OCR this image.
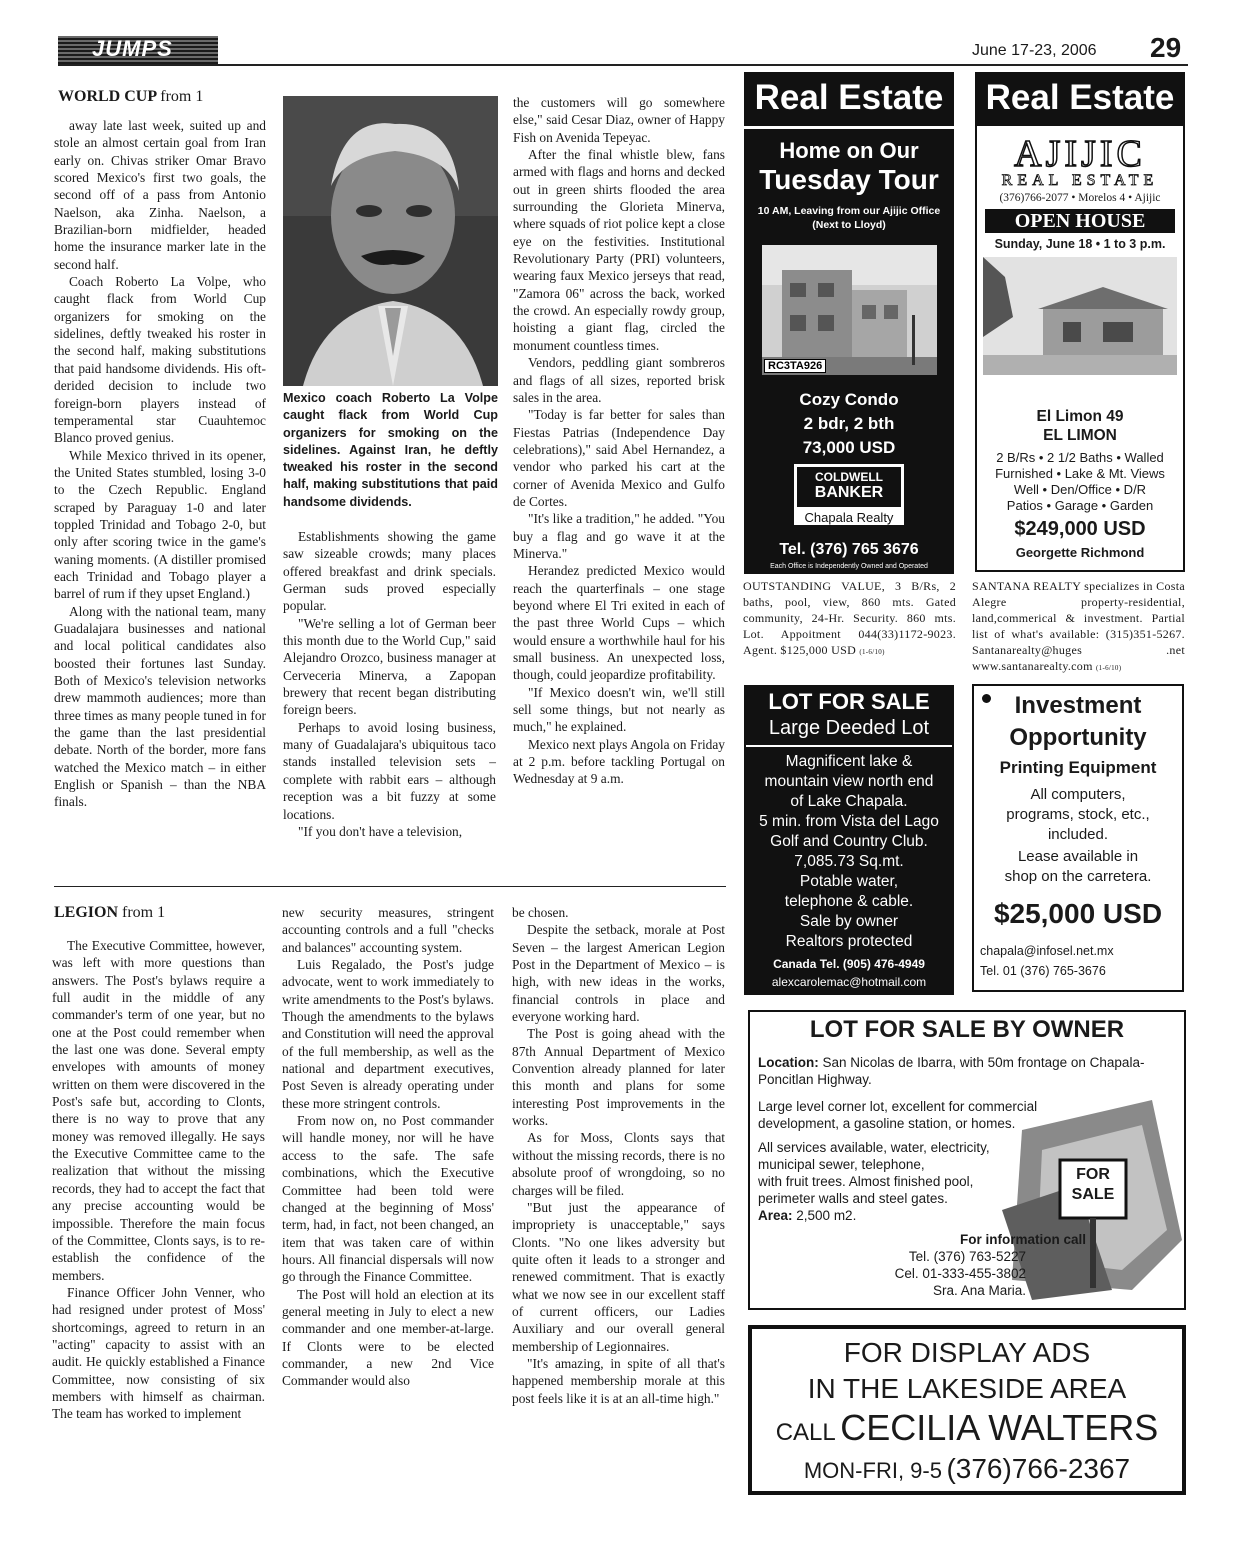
JUMPS	June 17-23, 2006 29
WORLD CUP from 1

away late last week, suited up and stole an almost certain goal from Iran early on. Chivas striker Omar Bravo scored Mexico's first two goals, the second off of a pass from Antonio Naelson, aka Zinha. Naelson, a Brazilian-born midfielder, headed home the insurance marker late in the second half.

Coach Roberto La Volpe, who caught flack from World Cup organizers for smoking on the sidelines, deftly tweaked his roster in the second half, making substitutions that paid handsome dividends. His oft-derided decision to include two foreign-born players instead of temperamental star Cuauhtemoc Blanco proved genius.

While Mexico thrived in its opener, the United States stumbled, losing 3-0 to the Czech Republic. England scraped by Paraguay 1-0 and later toppled Trinidad and Tobago 2-0, but only after scoring twice in the game's waning moments. (A distiller promised each Trinidad and Tobago player a barrel of rum if they upset England.)

Along with the national team, many Guadalajara businesses and national and local political candidates also boosted their fortunes last Sunday. Both of Mexico's television networks drew mammoth audiences; more than three times as many people tuned in for the game than the last presidential debate. North of the border, more fans watched the Mexico match – in either English or Spanish – than the NBA finals.

Mexico coach Roberto La Volpe caught flack from World Cup organizers for smoking on the sidelines. Against Iran, he deftly tweaked his roster in the second half, making substitutions that paid handsome dividends.

Establishments showing the game saw sizeable crowds; many places offered breakfast and drink specials. German suds proved especially popular.

"We're selling a lot of German beer this month due to the World Cup," said Alejandro Orozco, business manager at Cerveceria Minerva, a Zapopan brewery that recent began distributing foreign beers.

Perhaps to avoid losing business, many of Guadalajara's ubiquitous taco stands installed television sets – complete with rabbit ears – although reception was a bit fuzzy at some locations.

"If you don't have a television,

the customers will go somewhere else," said Cesar Diaz, owner of Happy Fish on Avenida Tepeyac.

After the final whistle blew, fans armed with flags and horns and decked out in green shirts flooded the area surrounding the Glorieta Minerva, where squads of riot police kept a close eye on the festivities. Institutional Revolutionary Party (PRI) volunteers, wearing faux Mexico jerseys that read, "Zamora 06" across the back, worked the crowd. An especially rowdy group, hoisting a giant flag, circled the monument countless times.

Vendors, peddling giant sombreros and flags of all sizes, reported brisk sales in the area.

"Today is far better for sales than Fiestas Patrias (Independence Day celebrations)," said Abel Hernandez, a vendor who parked his cart at the corner of Avenida Mexico and Gulfo de Cortes.

"It's like a tradition," he added. "You buy a flag and go wave it at the Minerva."

Herandez predicted Mexico would reach the quarterfinals – one stage beyond where El Tri exited in each of the past three World Cups – which would ensure a worthwhile haul for his small business. An unexpected loss, though, could jeopardize profitability.

"If Mexico doesn't win, we'll still sell some things, but not nearly as much," he explained.

Mexico next plays Angola on Friday at 2 p.m. before tackling Portugal on Wednesday at 9 a.m.

LEGION from 1

The Executive Committee, however, was left with more questions than answers. The Post's bylaws require a full audit in the middle of any commander's term of one year, but no one at the Post could remember when the last one was done. Several empty envelopes with amounts of money written on them were discovered in the Post's safe but, according to Clonts, there is no way to prove that any money was removed illegally. He says the Executive Committee came to the realization that without the missing records, they had to accept the fact that any precise accounting would be impossible. Therefore the main focus of the Committee, Clonts says, is to re-establish the confidence of the members.

Finance Officer John Venner, who had resigned under protest of Moss' shortcomings, agreed to return in an "acting" capacity to assist with an audit. He quickly established a Finance Committee, now consisting of six members with himself as chairman. The team has worked to implement

new security measures, stringent accounting controls and a full "checks and balances" accounting system.

Luis Regalado, the Post's judge advocate, went to work immediately to write amendments to the Post's bylaws. Though the amendments to the bylaws and Constitution will need the approval of the full membership, as well as the national and department executives, Post Seven is already operating under these more stringent controls.

From now on, no Post commander will handle money, nor will he have access to the safe. The safe combinations, which the Executive Committee had been told were changed at the beginning of Moss' term, had, in fact, not been changed, an item that was taken care of within hours. All financial dispersals will now go through the Finance Committee.

The Post will hold an election at its general meeting in July to elect a new commander and one member-at-large. If Clonts were to be elected commander, a new 2nd Vice Commander would also

be chosen.

Despite the setback, morale at Post Seven – the largest American Legion Post in the Department of Mexico – is high, with new ideas in the works, financial controls in place and everyone working hard.

The Post is going ahead with the 87th Annual Department of Mexico Convention already planned for later this month and plans for some interesting Post improvements in the works.

As for Moss, Clonts says that without the missing records, there is no absolute proof of wrongdoing, so no charges will be filed.

"But just the appearance of impropriety is unacceptable," says Clonts. "No one likes adversity but quite often it leads to a stronger and renewed commitment. That is exactly what we now see in our excellent staff of current officers, our Ladies Auxiliary and our overall general membership of Legionnaires.

"It's amazing, in spite of all that's happened membership morale at this post feels like it is at an all-time high."

Real Estate
Home on Our
Tuesday Tour
10 AM, Leaving from our Ajijic Office
(Next to Lloyd)
RC3TA926
Cozy Condo
2 bdr, 2 bth
73,000 USD
COLDWELL
BANKER
Chapala Realty
Tel. (376) 765 3676
Each Office is Independently Owned and Operated
Real Estate
AJIJIC
REAL ESTATE
(376)766-2077 • Morelos 4 • Ajijic
OPEN HOUSE
Sunday, June 18 • 1 to 3 p.m.
El Limon 49
EL LIMON
2 B/Rs • 2 1/2 Baths • Walled
Furnished • Lake & Mt. Views
Well • Den/Office • D/R
Patios • Garage • Garden
$249,000 USD
Georgette Richmond
OUTSTANDING VALUE, 3 B/Rs, 2 baths, pool, view, 860 mts. Gated community, 24-Hr. Security. 860 mts. Lot. Appoitment 044(33)1172-9023. Agent. $125,000 USD (1-6/10)
SANTANA REALTY specializes in Costa Alegre property-residential, land,commerical & investment. Partial list of what's available: (315)351-5267. Santanarealty@huges .net www.santanarealty.com (1-6/10)
LOT FOR SALE
Large Deeded Lot
Magnificent lake &
mountain view north end
of Lake Chapala.
5 min. from Vista del Lago
Golf and Country Club.
7,085.73 Sq.mt.
Potable water,
telephone & cable.
Sale by owner
Realtors protected
Canada Tel. (905) 476-4949
alexcarolemac@hotmail.com
Investment
Opportunity
Printing Equipment
All computers,
programs, stock, etc.,
included.
Lease available in
shop on the carretera.
$25,000 USD
chapala@infosel.net.mx
Tel. 01 (376) 765-3676
FOR
SALE
LOT FOR SALE BY OWNER
Location: San Nicolas de Ibarra, with 50m frontage on Chapala-Poncitlan Highway.
Large level corner lot, excellent for commercial development, a gasoline station, or homes.
All services available, water, electricity,
municipal sewer, telephone,
with fruit trees. Almost finished pool,
perimeter walls and steel gates.
Area: 2,500 m2.
For information call
Tel. (376) 763-5227
Cel. 01-333-455-3802
Sra. Ana Maria.
FOR DISPLAY ADS
IN THE LAKESIDE AREA
CALL CECILIA WALTERS
MON-FRI, 9-5 (376)766-2367
